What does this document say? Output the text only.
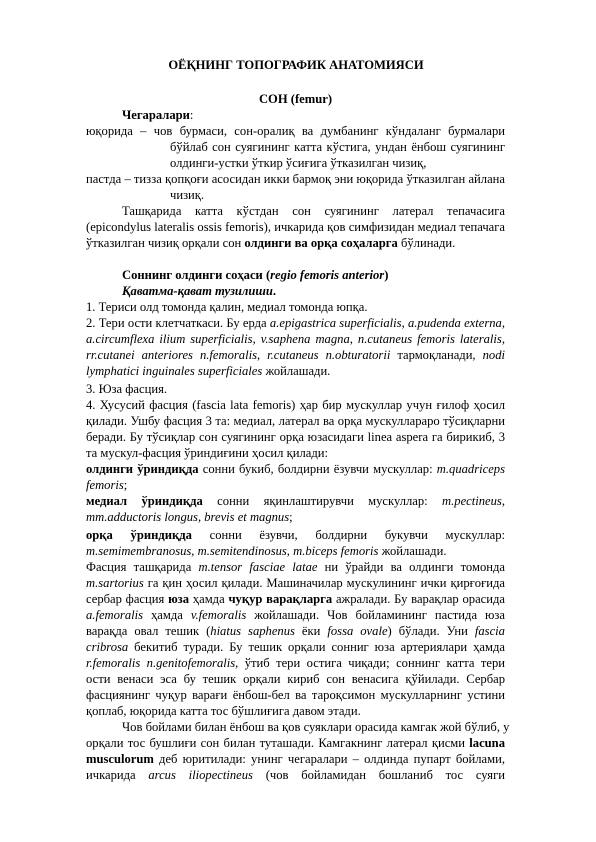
ОЁҚНИНГ ТОПОГРАФИК АНАТОМИЯСИ
СОН (femur)
Чегаралари:
юқорида – чов бурмаси, сон-оралиқ ва думбанинг кўндаланг бурмалари
бўйлаб сон суягининг катта кўстига, ундан ёнбош суягининг
олдинги-устки ўткир ўсиғига ўтказилган чизиқ,
пастда – тизза қопқоғи асосидан икки бармоқ эни юқорида ўтказилган айлана
чизиқ.
Ташқарида катта кўстдан сон суягининг латерал тепачасига
(epicondylus lateralis ossis femoris), ичкарида қов симфизидан медиал тепачага
ўтказилган чизиқ орқали сон олдинги ва орқа соҳаларга бўлинади.
Соннинг олдинги соҳаси (regio femoris anterior)
Қаватма-қават тузилиши.
1. Териси олд томонда қалин, медиал томонда юпқа.
2. Тери ости клетчаткаси. Бу ерда a.epigastrica superficialis, a.pudenda externa,
a.circumflexa ilium superficialis, v.saphena magna, n.cutaneus femoris lateralis,
rr.cutanei anteriores n.femoralis, r.cutaneus n.obturatorii тармоқланади, nodi
lymphatici inguinales superficiales жойлашади.
3. Юза фасция.
4. Хусусий фасция (fascia lata femoris) ҳар бир мускуллар учун ғилоф ҳосил
қилади. Ушбу фасция 3 та: медиал, латерал ва орқа мускулларaро тўсиқларни
беради. Бу тўсиқлар сон суягининг орқа юзасидаги linea aspera га бирикиб, 3
та мускул-фасция ўриндиғини ҳосил қилади:
олдинги ўриндиқда сонни букиб, болдирни ёзувчи мускуллар: m.quadriceps
femoris;
медиал ўриндиқда сонни яқинлаштирувчи мускуллар: m.pectineus,
mm.adductoris longus, brevis et magnus;
орқа ўриндиқда сонни ёзувчи, болдирни букувчи мускуллар:
m.semimembranosus, m.semitendinosus, m.biceps femoris жойлашади.
Фасция ташқарида m.tensor fasciae latae ни ўрайди ва олдинги томонда
m.sartorius га қин ҳосил қилади. Машиначилар мускулининг ички қирғоғида
сербар фасция юза ҳамда чуқур варақларга ажралади. Бу варақлар орасида
a.femoralis ҳамда v.femoralis жойлашади. Чов бойламининг пастида юза
варақда овал тешик (hiatus saphenus ёки fossa ovale) бўлади. Уни fascia
cribrosa бекитиб туради. Бу тешик орқали сонниг юза артериялари ҳамда
r.femoralis n.genitofemoralis, ўтиб тери остига чиқади; соннинг катта тери
ости венаси эса бу тешик орқали кириб сон венасига қўйилади. Сербар
фасциянинг чуқур варағи ёнбош-бел ва тароқсимон мускулларнинг устини
қоплаб, юқорида катта тос бўшлиғига давом этади.
Чов бойлами билан ёнбош ва қов суяклари орасида камгак жой бўлиб, у
орқали тос бушлиғи сон билан туташади. Камгакнинг латерал қисми lacuna
musculorum деб юритилади: унинг чегаралари – олдинда пупарт бойлами,
ичкарида arcus iliopectineus (чов бойламидан бошланиб тос суяги
